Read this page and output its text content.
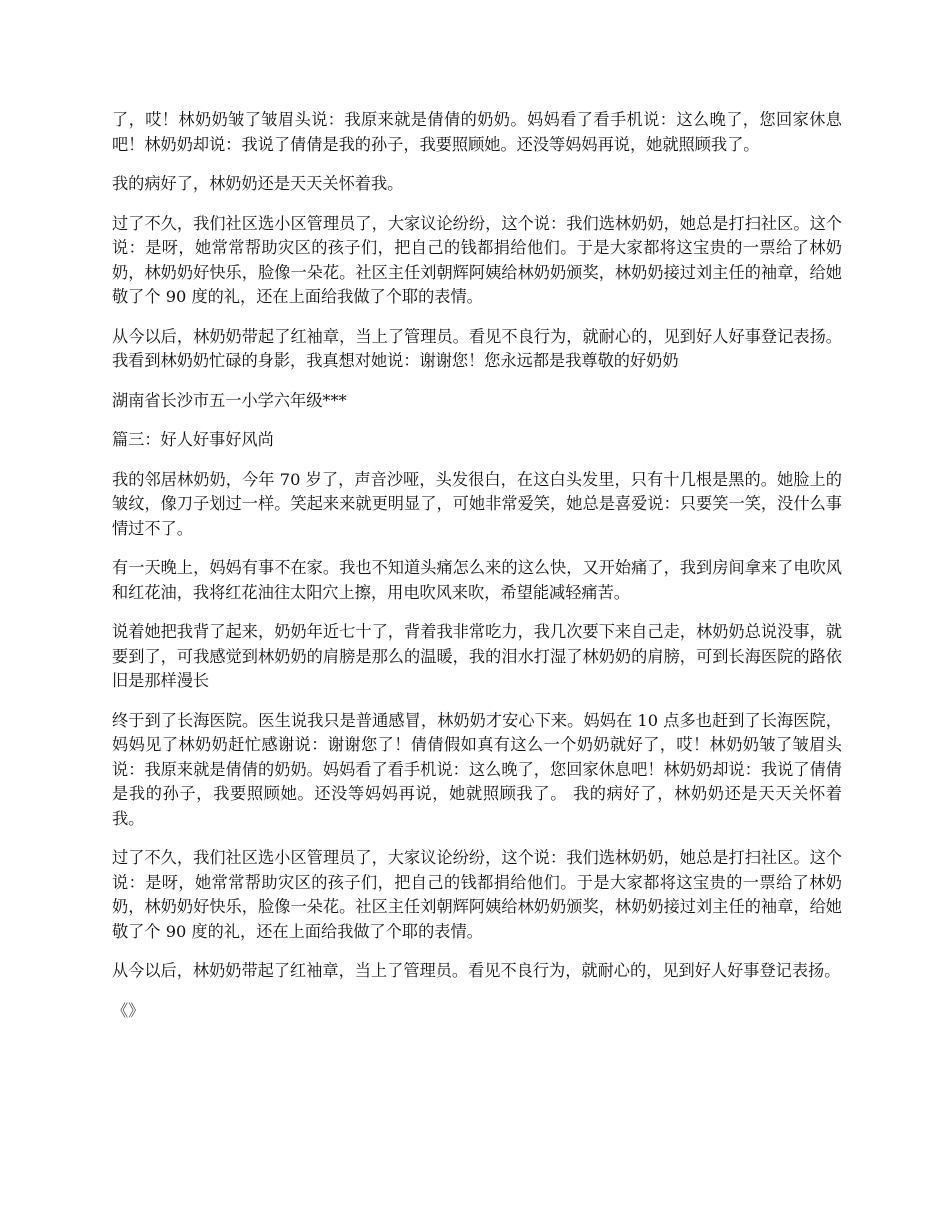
了，哎！林奶奶皱了皱眉头说：我原来就是倩倩的奶奶。妈妈看了看手机说：这么晚了，您回家休息吧！林奶奶却说：我说了倩倩是我的孙子，我要照顾她。还没等妈妈再说，她就照顾我了。

我的病好了，林奶奶还是天天关怀着我。

过了不久，我们社区选小区管理员了，大家议论纷纷，这个说：我们选林奶奶，她总是打扫社区。这个说：是呀，她常常帮助灾区的孩子们，把自己的钱都捐给他们。于是大家都将这宝贵的一票给了林奶奶，林奶奶好快乐，脸像一朵花。社区主任刘朝辉阿姨给林奶奶颁奖，林奶奶接过刘主任的袖章，给她敬了个 90 度的礼，还在上面给我做了个耶的表情。

从今以后，林奶奶带起了红袖章，当上了管理员。看见不良行为，就耐心的，见到好人好事登记表扬。我看到林奶奶忙碌的身影，我真想对她说：谢谢您！您永远都是我尊敬的好奶奶

湖南省长沙市五一小学六年级***

篇三：好人好事好风尚

我的邻居林奶奶，今年 70 岁了，声音沙哑，头发很白，在这白头发里，只有十几根是黑的。她脸上的皱纹，像刀子划过一样。笑起来来就更明显了，可她非常爱笑，她总是喜爱说：只要笑一笑，没什么事情过不了。

有一天晚上，妈妈有事不在家。我也不知道头痛怎么来的这么快，又开始痛了，我到房间拿来了电吹风和红花油，我将红花油往太阳穴上擦，用电吹风来吹，希望能减轻痛苦。

说着她把我背了起来，奶奶年近七十了，背着我非常吃力，我几次要下来自己走，林奶奶总说没事，就要到了，可我感觉到林奶奶的肩膀是那么的温暖，我的泪水打湿了林奶奶的肩膀，可到长海医院的路依旧是那样漫长

终于到了长海医院。医生说我只是普通感冒，林奶奶才安心下来。妈妈在 10 点多也赶到了长海医院，妈妈见了林奶奶赶忙感谢说：谢谢您了！倩倩假如真有这么一个奶奶就好了，哎！林奶奶皱了皱眉头说：我原来就是倩倩的奶奶。妈妈看了看手机说：这么晚了，您回家休息吧！林奶奶却说：我说了倩倩是我的孙子，我要照顾她。还没等妈妈再说，她就照顾我了。 我的病好了，林奶奶还是天天关怀着我。

过了不久，我们社区选小区管理员了，大家议论纷纷，这个说：我们选林奶奶，她总是打扫社区。这个说：是呀，她常常帮助灾区的孩子们，把自己的钱都捐给他们。于是大家都将这宝贵的一票给了林奶奶，林奶奶好快乐，脸像一朵花。社区主任刘朝辉阿姨给林奶奶颁奖，林奶奶接过刘主任的袖章，给她敬了个 90 度的礼，还在上面给我做了个耶的表情。

从今以后，林奶奶带起了红袖章，当上了管理员。看见不良行为，就耐心的，见到好人好事登记表扬。

《》
